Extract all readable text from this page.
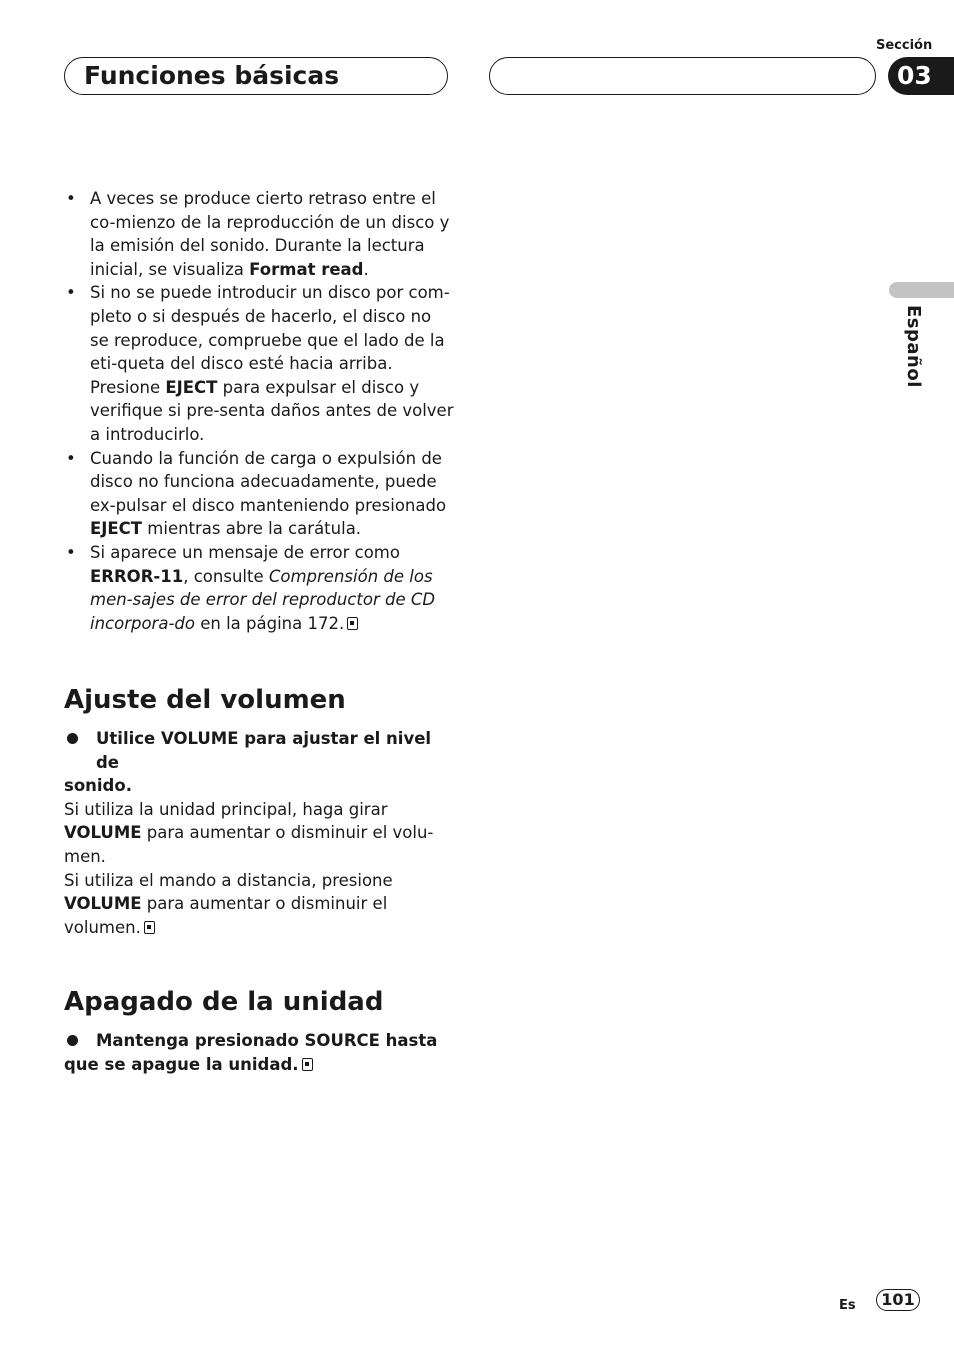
Sección
Funciones básicas	03
Español
• A veces se produce cierto retraso entre el co-mienzo de la reproducción de un disco y la emisión del sonido. Durante la lectura inicial, se visualiza Format read.
• Si no se puede introducir un disco por com-pleto o si después de hacerlo, el disco no se reproduce, compruebe que el lado de la eti-queta del disco esté hacia arriba. Presione EJECT para expulsar el disco y verifique si pre-senta daños antes de volver a introducirlo.
• Cuando la función de carga o expulsión de disco no funciona adecuadamente, puede ex-pulsar el disco manteniendo presionado EJECT mientras abre la carátula.
• Si aparece un mensaje de error como ERROR-11, consulte Comprensión de los men-sajes de error del reproductor de CD incorpora-do en la página 172.
Ajuste del volumen
Utilice VOLUME para ajustar el nivel de
sonido.

Si utiliza la unidad principal, haga girar
VOLUME para aumentar o disminuir el volu-men.

Si utiliza el mando a distancia, presione
VOLUME para aumentar o disminuir el volumen.

Apagado de la unidad
Mantenga presionado SOURCE hasta
que se apague la unidad.
Es	101
